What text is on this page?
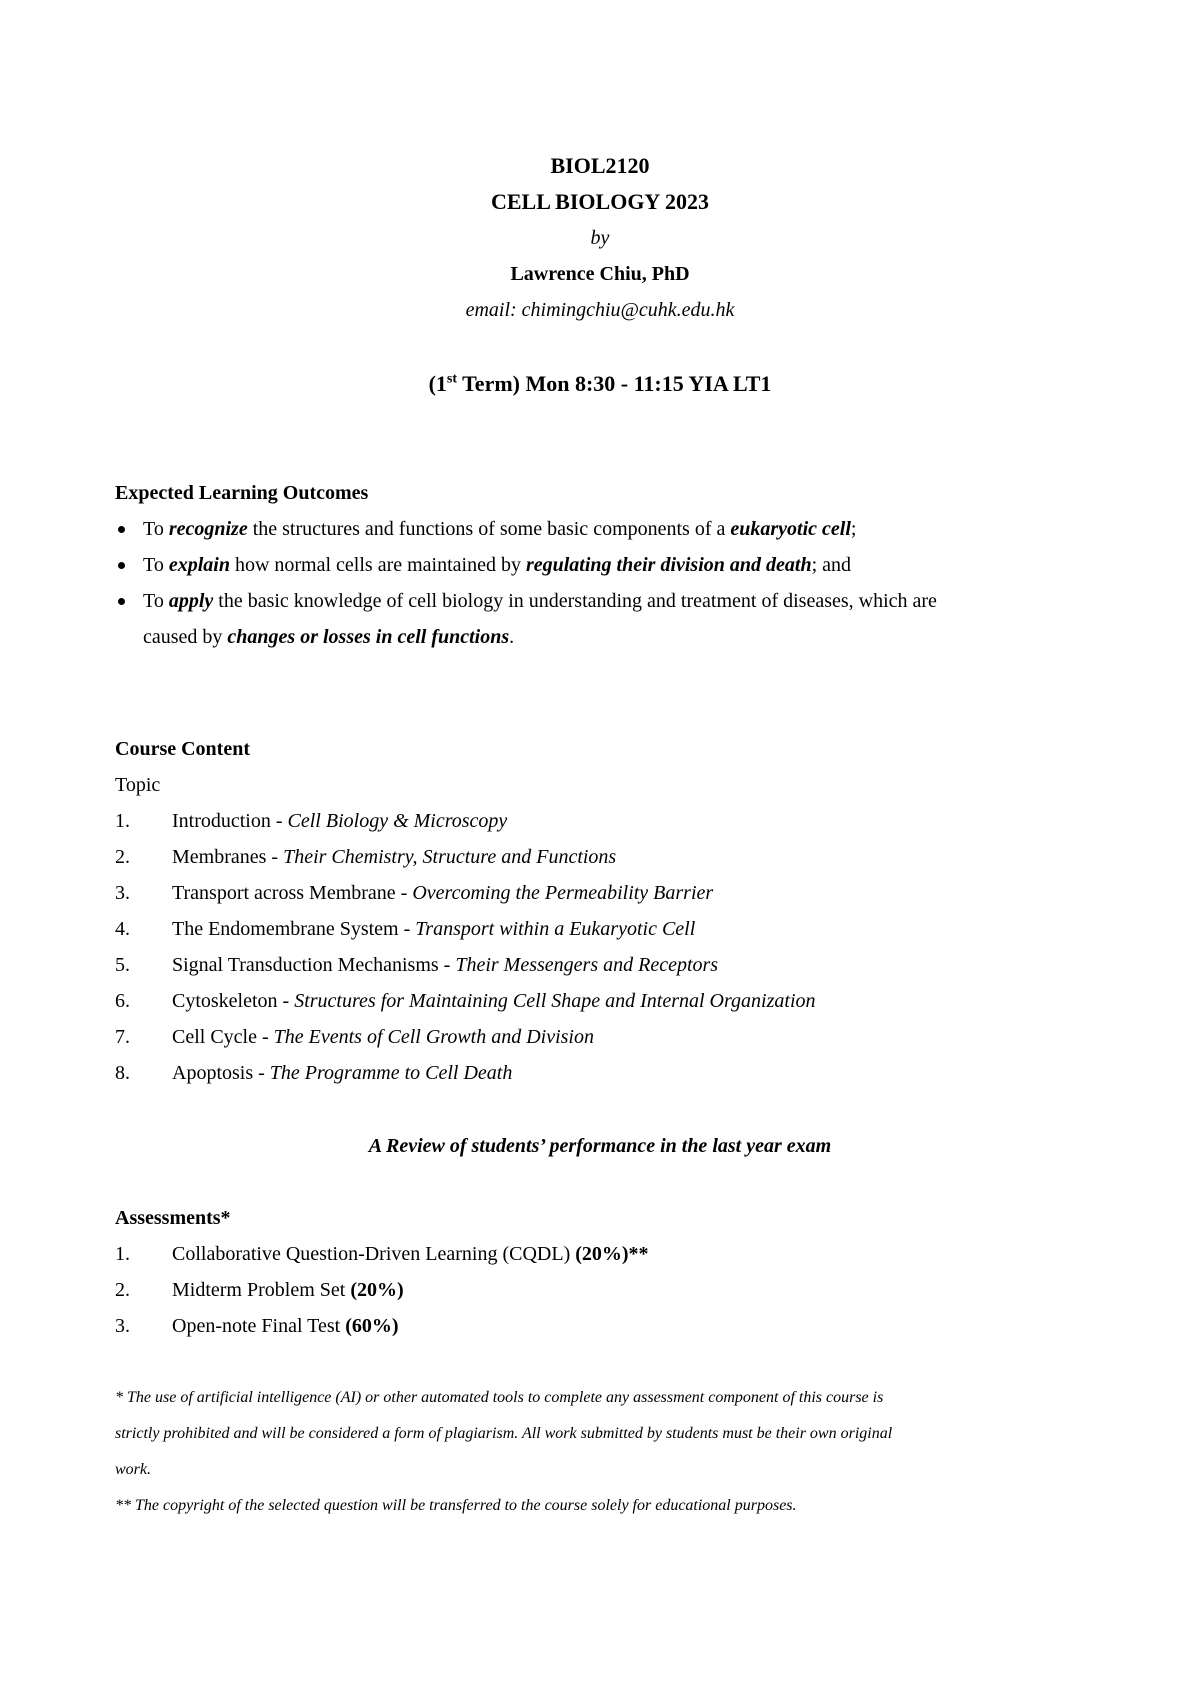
BIOL2120
CELL BIOLOGY 2023
by
Lawrence Chiu, PhD
email: chimingchiu@cuhk.edu.hk
(1st Term) Mon 8:30 - 11:15 YIA LT1
Expected Learning Outcomes
To recognize the structures and functions of some basic components of a eukaryotic cell;
To explain how normal cells are maintained by regulating their division and death; and
To apply the basic knowledge of cell biology in understanding and treatment of diseases, which are
caused by changes or losses in cell functions.
Course Content
Topic
1. Introduction - Cell Biology & Microscopy
2. Membranes - Their Chemistry, Structure and Functions
3. Transport across Membrane - Overcoming the Permeability Barrier
4. The Endomembrane System - Transport within a Eukaryotic Cell
5. Signal Transduction Mechanisms - Their Messengers and Receptors
6. Cytoskeleton - Structures for Maintaining Cell Shape and Internal Organization
7. Cell Cycle - The Events of Cell Growth and Division
8. Apoptosis - The Programme to Cell Death
A Review of students’ performance in the last year exam
Assessments*
1. Collaborative Question-Driven Learning (CQDL) (20%)**
2. Midterm Problem Set (20%)
3. Open-note Final Test (60%)
* The use of artificial intelligence (AI) or other automated tools to complete any assessment component of this course is
strictly prohibited and will be considered a form of plagiarism. All work submitted by students must be their own original
work.
** The copyright of the selected question will be transferred to the course solely for educational purposes.
